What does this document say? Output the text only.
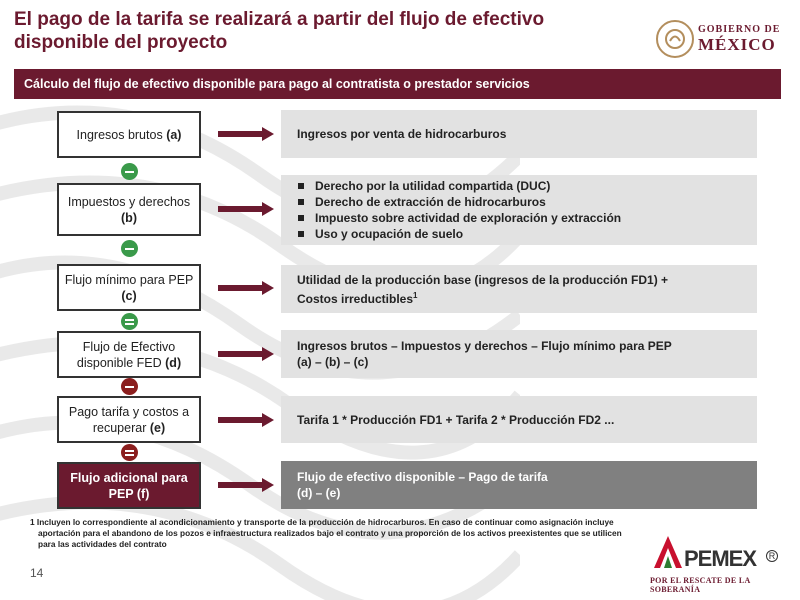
El pago de la tarifa se realizará a partir del flujo de efectivo disponible del proyecto
GOBIERNO DE
MÉXICO
Cálculo del flujo de efectivo disponible para pago al contratista o prestador servicios
Ingresos brutos (a)	Ingresos por venta de hidrocarburos
Impuestos y derechos (b)
Derecho por la utilidad compartida (DUC)
Derecho de extracción de hidrocarburos
Impuesto sobre actividad de exploración y extracción
Uso y ocupación de suelo
Flujo mínimo para PEP (c)
Utilidad de la producción base (ingresos de la producción FD1) +
Costos irreductibles$^1$
Flujo de Efectivo disponible FED (d)
Ingresos brutos – Impuestos y derechos – Flujo mínimo para PEP
(a) – (b) – (c)
Pago tarifa y costos a recuperar (e)
Tarifa 1 * Producción FD1 + Tarifa 2 * Producción FD2 ...
Flujo adicional para PEP (f)
Flujo de efectivo disponible – Pago de tarifa
(d) – (e)
1 Incluyen lo correspondiente al acondicionamiento y transporte de la producción de hidrocarburos. En caso de continuar como asignación incluye
aportación para el abandono de los pozos e infraestructura realizados bajo el contrato y una proporción de los activos preexistentes que se utilicen
para las actividades del contrato
14
PEMEX	R
POR EL RESCATE DE LA SOBERANÍA
